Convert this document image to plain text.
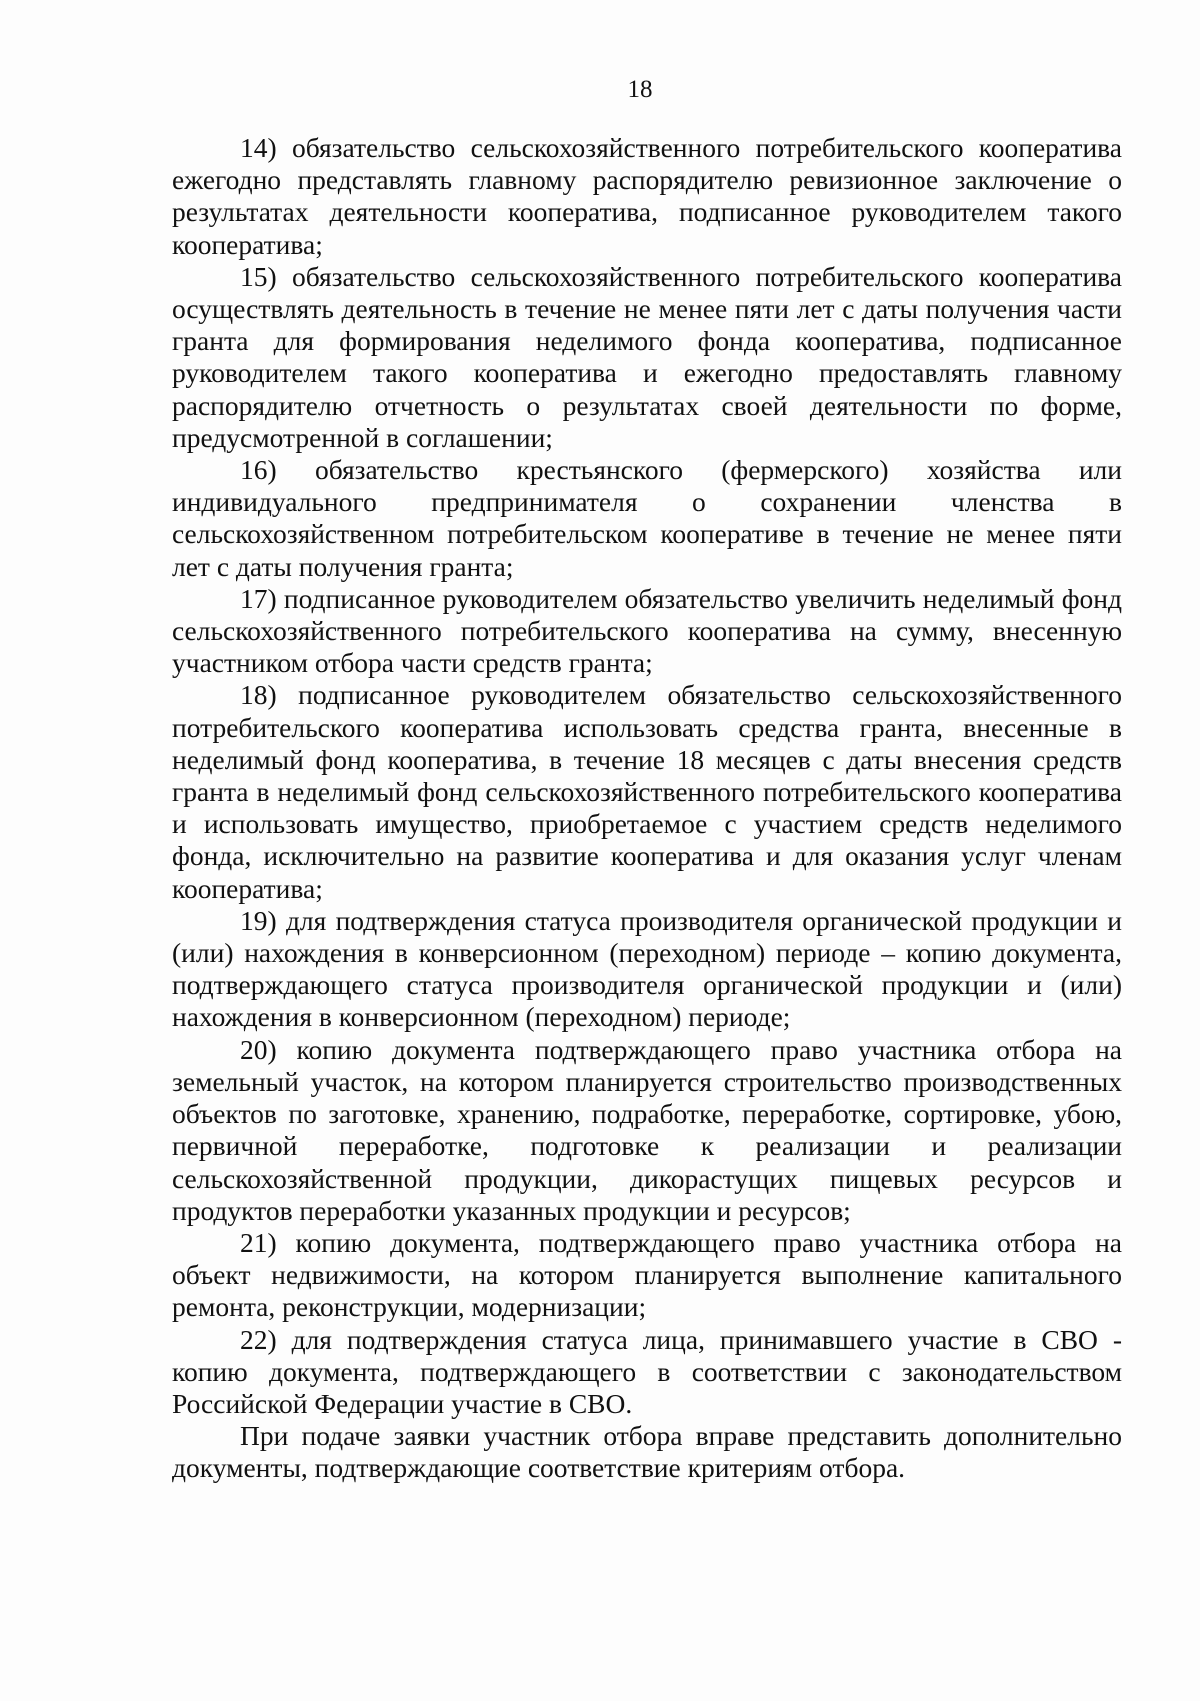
18

14) обязательство сельскохозяйственного потребительского кооператива ежегодно представлять главному распорядителю ревизионное заключение о результатах деятельности кооператива, подписанное руководителем такого кооператива;

15) обязательство сельскохозяйственного потребительского кооператива осуществлять деятельность в течение не менее пяти лет с даты получения части гранта для формирования неделимого фонда кооператива, подписанное руководителем такого кооператива и ежегодно предоставлять главному распорядителю отчетность о результатах своей деятельности по форме, предусмотренной в соглашении;

16) обязательство крестьянского (фермерского) хозяйства или индивидуального предпринимателя о сохранении членства в сельскохозяйственном потребительском кооперативе в течение не менее пяти лет с даты получения гранта;

17) подписанное руководителем обязательство увеличить неделимый фонд сельскохозяйственного потребительского кооператива на сумму, внесенную участником отбора части средств гранта;

18) подписанное руководителем обязательство сельскохозяйственного потребительского кооператива использовать средства гранта, внесенные в неделимый фонд кооператива, в течение 18 месяцев с даты внесения средств гранта в неделимый фонд сельскохозяйственного потребительского кооператива и использовать имущество, приобретаемое с участием средств неделимого фонда, исключительно на развитие кооператива и для оказания услуг членам кооператива;

19) для подтверждения статуса производителя органической продукции и (или) нахождения в конверсионном (переходном) периоде – копию документа, подтверждающего статуса производителя органической продукции и (или) нахождения в конверсионном (переходном) периоде;

20) копию документа подтверждающего право участника отбора на земельный участок, на котором планируется строительство производственных объектов по заготовке, хранению, подработке, переработке, сортировке, убою, первичной переработке, подготовке к реализации и реализации сельскохозяйственной продукции, дикорастущих пищевых ресурсов и продуктов переработки указанных продукции и ресурсов;

21) копию документа, подтверждающего право участника отбора на объект недвижимости, на котором планируется выполнение капитального ремонта, реконструкции, модернизации;

22) для подтверждения статуса лица, принимавшего участие в СВО - копию документа, подтверждающего в соответствии с законодательством Российской Федерации участие в СВО.

При подаче заявки участник отбора вправе представить дополнительно документы, подтверждающие соответствие критериям отбора.
